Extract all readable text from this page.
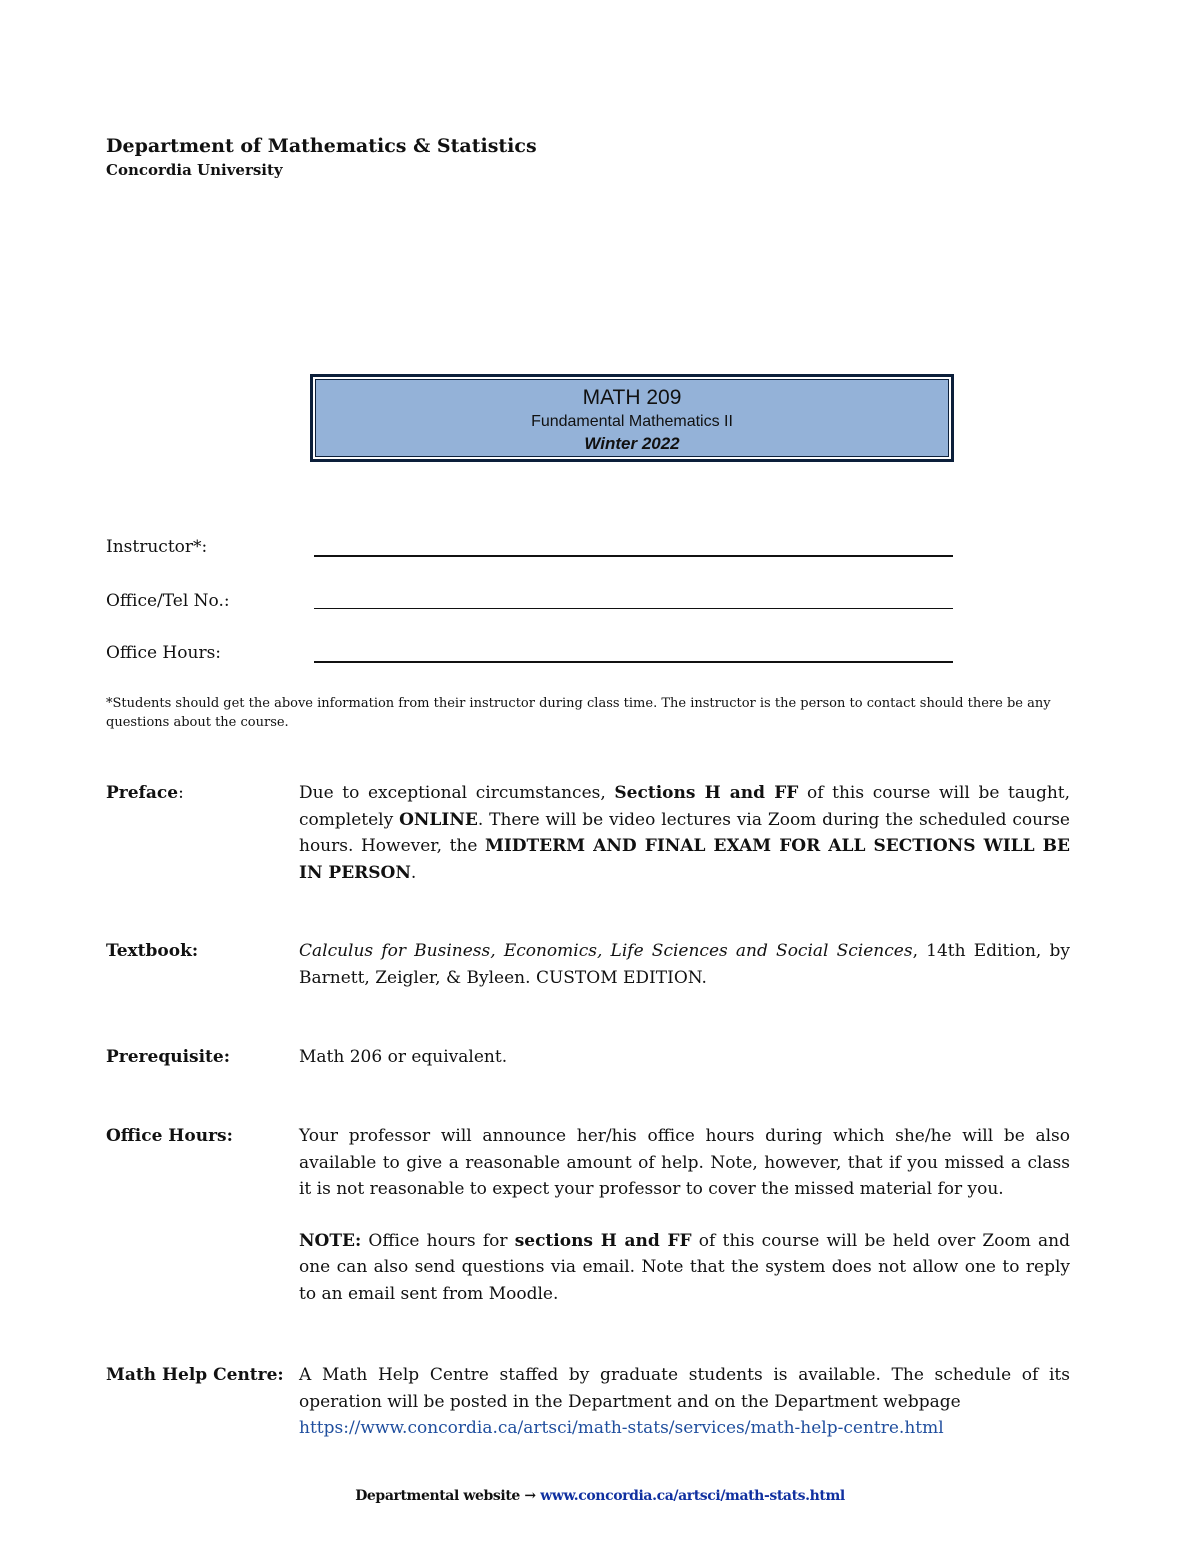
Department of Mathematics & Statistics
Concordia University
MATH 209
Fundamental Mathematics II
Winter 2022
Instructor*:
Office/Tel No.:
Office Hours:
*Students should get the above information from their instructor during class time. The instructor is the person to contact should there be any questions about the course.
Preface:	Due to exceptional circumstances, Sections H and FF of this course will be taught, completely ONLINE. There will be video lectures via Zoom during the scheduled course hours. However, the MIDTERM AND FINAL EXAM FOR ALL SECTIONS WILL BE IN PERSON.

Textbook:	Calculus for Business, Economics, Life Sciences and Social Sciences, 14th Edition, by Barnett, Zeigler, & Byleen. CUSTOM EDITION.

Prerequisite:	Math 206 or equivalent.
Office Hours:	Your professor will announce her/his office hours during which she/he will be also available to give a reasonable amount of help. Note, however, that if you missed a class it is not reasonable to expect your professor to cover the missed material for you.

NOTE: Office hours for sections H and FF of this course will be held over Zoom and one can also send questions via email. Note that the system does not allow one to reply to an email sent from Moodle.

Math Help Centre: A Math Help Centre staffed by graduate students is available. The schedule of its operation will be posted in the Department and on the Department webpage
https://www.concordia.ca/artsci/math-stats/services/math-help-centre.html

Departmental website → www.concordia.ca/artsci/math-stats.html
